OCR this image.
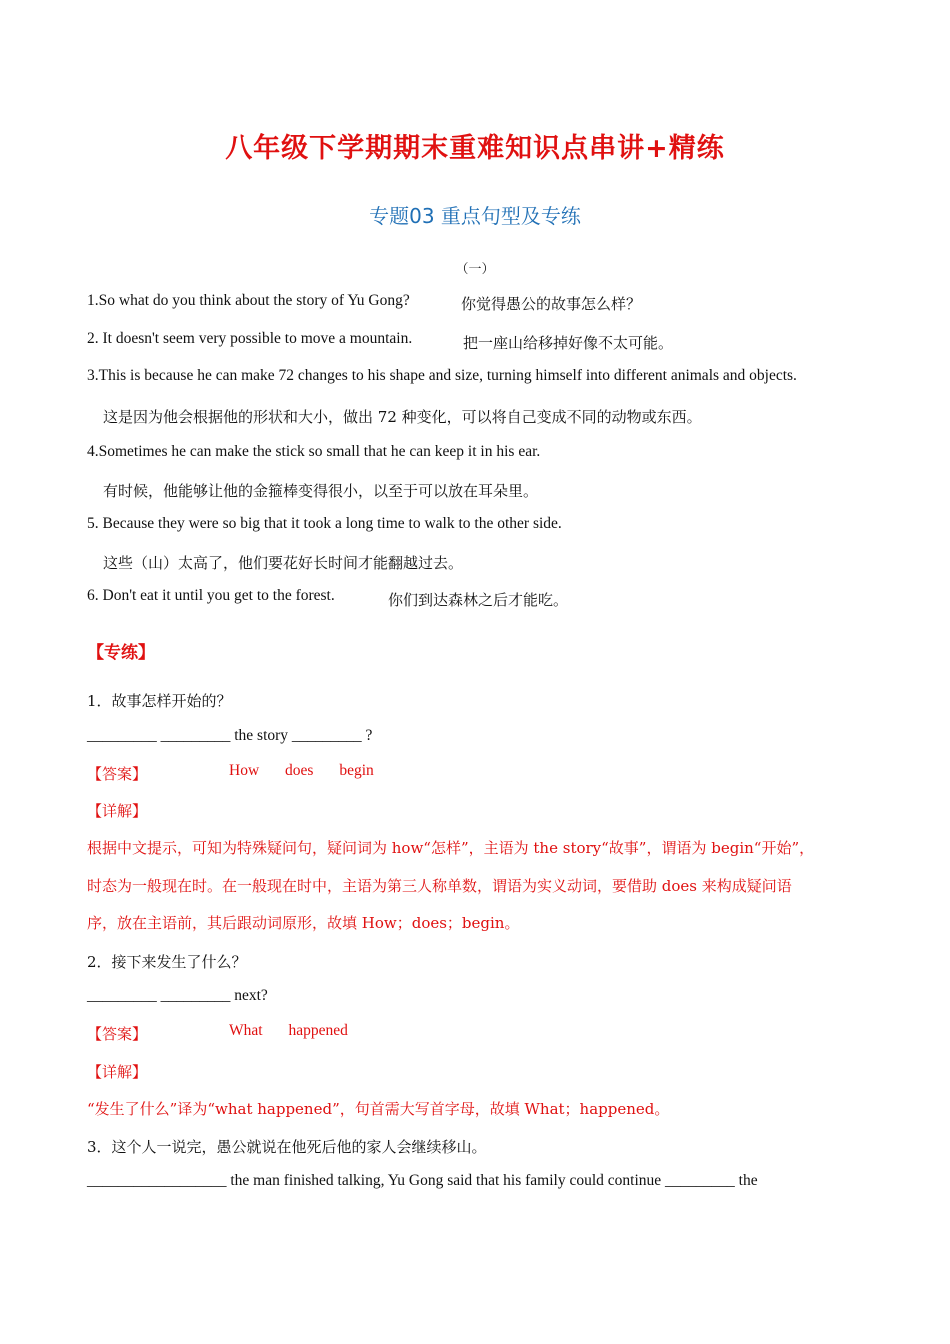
八年级下学期期末重难知识点串讲+精练
专题03 重点句型及专练
（一）
1.So what do you think about the story of Yu Gong?	你觉得愚公的故事怎么样？
2. It doesn't seem very possible to move a mountain.	把一座山给移掉好像不太可能。
3.This is because he can make 72 changes to his shape and size, turning himself into different animals and objects.
这是因为他会根据他的形状和大小，做出 72 种变化，可以将自己变成不同的动物或东西。
4.Sometimes he can make the stick so small that he can keep it in his ear.
有时候，他能够让他的金箍棒变得很小，以至于可以放在耳朵里。
5. Because they were so big that it took a long time to walk to the other side.
这些（山）太高了，他们要花好长时间才能翻越过去。
6. Don't eat it until you get to the forest.	你们到达森林之后才能吃。
【专练】
1．故事怎样开始的？
_________ _________ the story _________ ?
【答案】	How does begin
【详解】
根据中文提示，可知为特殊疑问句，疑问词为 how“怎样”，主语为 the story“故事”，谓语为 begin“开始”，
时态为一般现在时。在一般现在时中，主语为第三人称单数，谓语为实义动词，要借助 does 来构成疑问语
序，放在主语前，其后跟动词原形，故填 How；does；begin。
2．接下来发生了什么？
_________ _________ next?
【答案】	What happened
【详解】
“发生了什么”译为“what happened”，句首需大写首字母，故填 What；happened。
3．这个人一说完，愚公就说在他死后他的家人会继续移山。
__________________ the man finished talking, Yu Gong said that his family could continue _________ the
